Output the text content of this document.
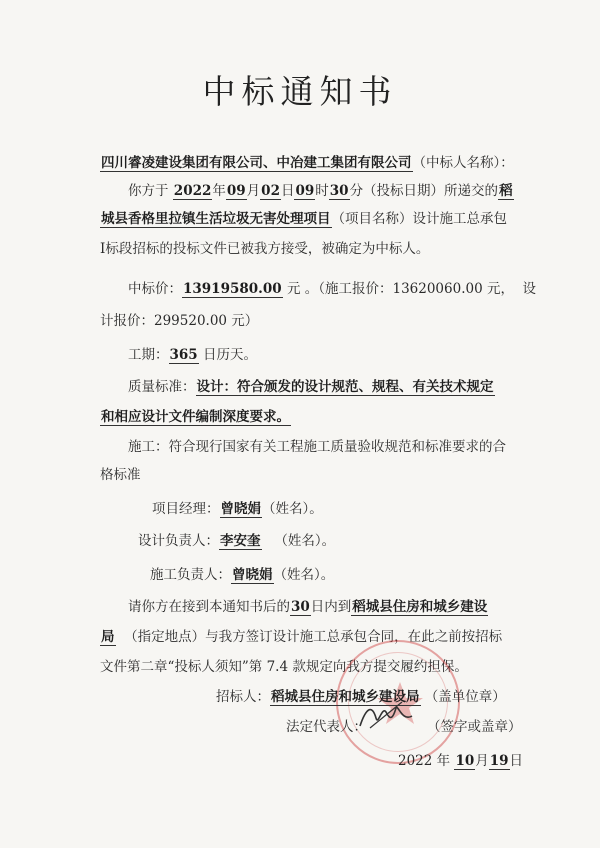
中标通知书
四川睿凌建设集团有限公司、中冶建工集团有限公司（中标人名称）：
你方于 2022年09月02日09时30分（投标日期）所递交的稻
城县香格里拉镇生活垃圾无害处理项目（项目名称）设计施工总承包
Ⅰ标段招标的投标文件已被我方接受，被确定为中标人。
中标价：13919580.00 元 。（施工报价：13620060.00 元， 设
计报价：299520.00 元）
工期：365 日历天。
质量标准：设计：符合颁发的设计规范、规程、有关技术规定
和相应设计文件编制深度要求。
施工：符合现行国家有关工程施工质量验收规范和标准要求的合
格标准
项目经理：曾晓娟（姓名）。
设计负责人：李安奎 （姓名）。
施工负责人：曾晓娟（姓名）。
请你方在接到本通知书后的30日内到稻城县住房和城乡建设
局 （指定地点）与我方签订设计施工总承包合同，在此之前按招标
文件第二章“投标人须知”第 7.4 款规定向我方提交履约担保。
招标人：稻城县住房和城乡建设局 （盖单位章）
法定代表人：	（签字或盖章）
2022 年 10月19日
